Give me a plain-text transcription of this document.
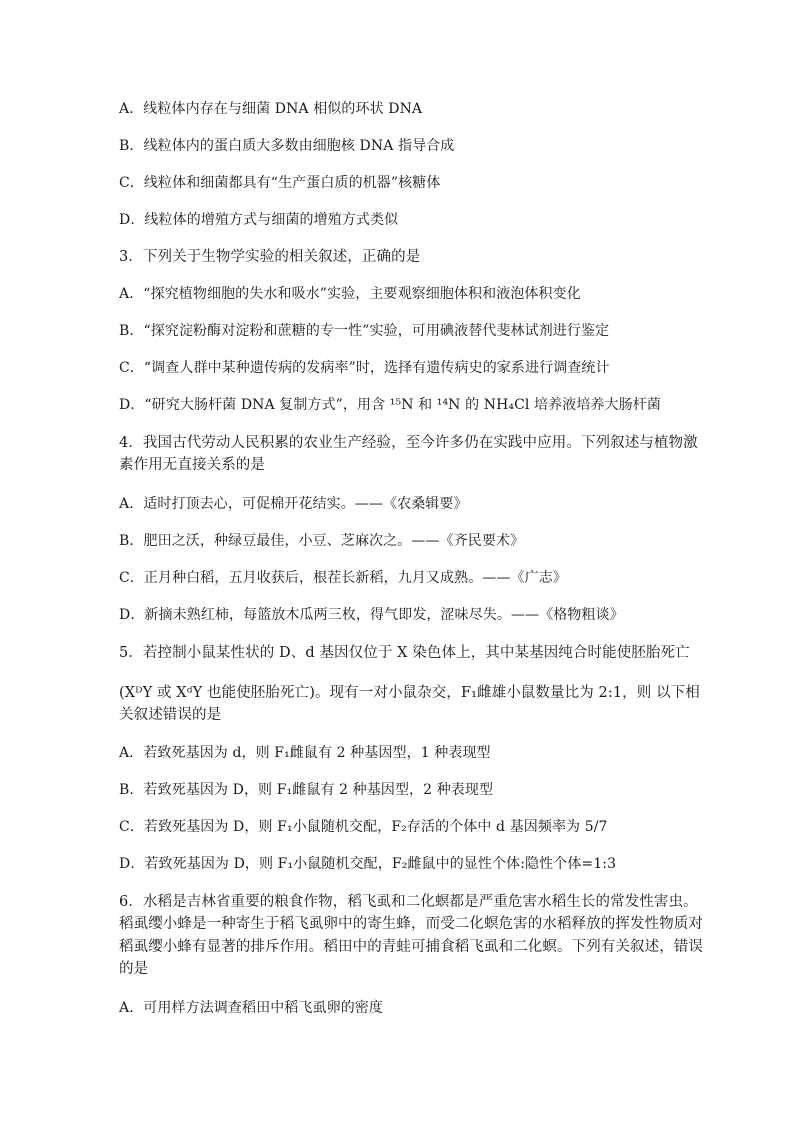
A．线粒体内存在与细菌 DNA 相似的环状 DNA
B．线粒体内的蛋白质大多数由细胞核 DNA 指导合成
C．线粒体和细菌都具有“生产蛋白质的机器”核糖体
D．线粒体的增殖方式与细菌的增殖方式类似
3．下列关于生物学实验的相关叙述，正确的是
A．“探究植物细胞的失水和吸水”实验，主要观察细胞体积和液泡体积变化
B．“探究淀粉酶对淀粉和蔗糖的专一性”实验，可用碘液替代斐林试剂进行鉴定
C．“调查人群中某种遗传病的发病率”时，选择有遗传病史的家系进行调查统计
D．“研究大肠杆菌 DNA 复制方式”，用含 ¹⁵N 和 ¹⁴N 的 NH₄Cl 培养液培养大肠杆菌
4．我国古代劳动人民积累的农业生产经验，至今许多仍在实践中应用。下列叙述与植物激
素作用无直接关系的是
A．适时打顶去心，可促棉开花结实。——《农桑辑要》
B．肥田之沃，种绿豆最佳，小豆、芝麻次之。——《齐民要术》
C．正月种白稻，五月收获后，根茬长新稻，九月又成熟。——《广志》
D．新摘未熟红柿，每篮放木瓜两三枚，得气即发，涩味尽失。——《格物粗谈》
5．若控制小鼠某性状的 D、d 基因仅位于 X 染色体上，其中某基因纯合时能使胚胎死亡
(XᴰY 或 XᵈY 也能使胚胎死亡)。现有一对小鼠杂交，F₁雌雄小鼠数量比为 2:1，则 以下相
关叙述错误的是
A．若致死基因为 d，则 F₁雌鼠有 2 种基因型，1 种表现型
B．若致死基因为 D，则 F₁雌鼠有 2 种基因型，2 种表现型
C．若致死基因为 D，则 F₁小鼠随机交配，F₂存活的个体中 d 基因频率为 5/7
D．若致死基因为 D，则 F₁小鼠随机交配，F₂雌鼠中的显性个体:隐性个体=1:3
6．水稻是吉林省重要的粮食作物，稻飞虱和二化螟都是严重危害水稻生长的常发性害虫。
稻虱缨小蜂是一种寄生于稻飞虱卵中的寄生蜂，而受二化螟危害的水稻释放的挥发性物质对
稻虱缨小蜂有显著的排斥作用。稻田中的青蛙可捕食稻飞虱和二化螟。下列有关叙述，错误
的是
A．可用样方法调查稻田中稻飞虱卵的密度
